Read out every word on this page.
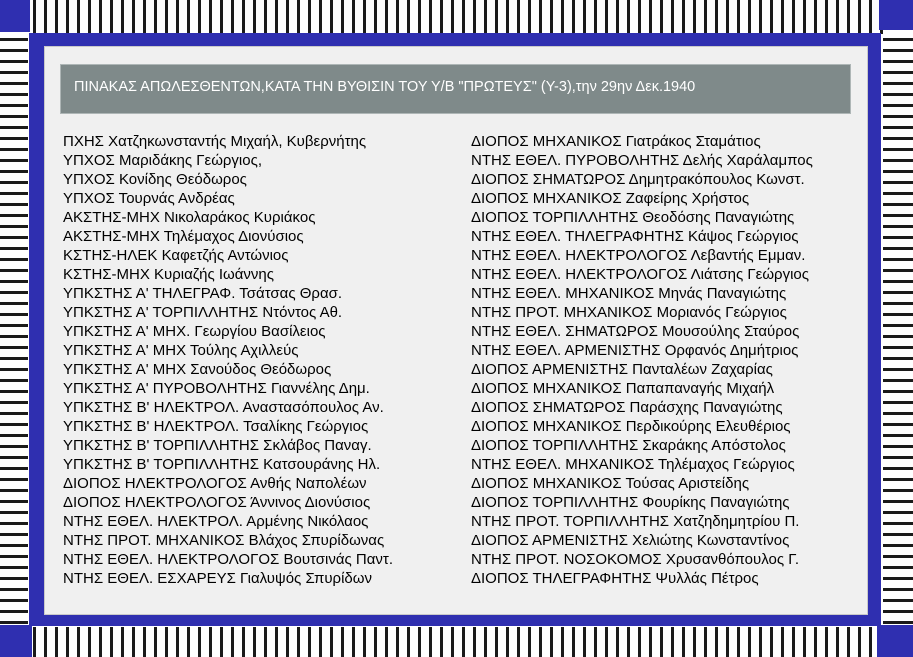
ΠΙΝΑΚΑΣ ΑΠΩΛΕΣΘΕΝΤΩΝ,ΚΑΤΑ ΤΗΝ ΒΥΘΙΣΙΝ ΤΟΥ Υ/Β "ΠΡΩΤΕΥΣ" (Υ-3),την 29ην Δεκ.1940
ΠΧΗΣ Χατζηκωνσταντής Μιχαήλ, Κυβερνήτης
ΥΠΧΟΣ Μαριδάκης Γεώργιος,
ΥΠΧΟΣ Κονίδης Θεόδωρος
ΥΠΧΟΣ Τουρνάς Ανδρέας
ΑΚΣΤΗΣ-ΜΗΧ Νικολαράκος Κυριάκος
ΑΚΣΤΗΣ-ΜΗΧ Τηλέμαχος Διονύσιος
ΚΣΤΗΣ-ΗΛΕΚ Καφετζής Αντώνιος
ΚΣΤΗΣ-ΜΗΧ Κυριαζής Ιωάννης
ΥΠΚΣΤΗΣ Α' ΤΗΛΕΓΡΑΦ. Τσάτσας Θρασ.
ΥΠΚΣΤΗΣ Α' ΤΟΡΠΙΛΛΗΤΗΣ Ντόντος Αθ.
ΥΠΚΣΤΗΣ Α' ΜΗΧ. Γεωργίου Βασίλειος
ΥΠΚΣΤΗΣ Α' ΜΗΧ Τούλης Αχιλλεύς
ΥΠΚΣΤΗΣ Α' ΜΗΧ Σανούδος Θεόδωρος
ΥΠΚΣΤΗΣ Α' ΠΥΡΟΒΟΛΗΤΗΣ Γιαννέλης Δημ.
ΥΠΚΣΤΗΣ Β' ΗΛΕΚΤΡΟΛ. Αναστασόπουλος Αν.
ΥΠΚΣΤΗΣ Β' ΗΛΕΚΤΡΟΛ. Τσαλίκης Γεώργιος
ΥΠΚΣΤΗΣ Β' ΤΟΡΠΙΛΛΗΤΗΣ Σκλάβος Παναγ.
ΥΠΚΣΤΗΣ Β' ΤΟΡΠΙΛΛΗΤΗΣ Κατσουράνης Ηλ.
ΔΙΟΠΟΣ ΗΛΕΚΤΡΟΛΟΓΟΣ Ανθής Ναπολέων
ΔΙΟΠΟΣ ΗΛΕΚΤΡΟΛΟΓΟΣ Άννινος Διονύσιος
ΝΤΗΣ ΕΘΕΛ. ΗΛΕΚΤΡΟΛ. Αρμένης Νικόλαος
ΝΤΗΣ ΠΡΟΤ. ΜΗΧΑΝΙΚΟΣ Βλάχος Σπυρίδωνας
ΝΤΗΣ ΕΘΕΛ. ΗΛΕΚΤΡΟΛΟΓΟΣ Βουτσινάς Παντ.
ΝΤΗΣ ΕΘΕΛ. ΕΣΧΑΡΕΥΣ Γιαλυψός Σπυρίδων
ΔΙΟΠΟΣ ΜΗΧΑΝΙΚΟΣ Γιατράκος Σταμάτιος
ΝΤΗΣ ΕΘΕΛ. ΠΥΡΟΒΟΛΗΤΗΣ Δελής Χαράλαμπος
ΔΙΟΠΟΣ ΣΗΜΑΤΩΡΟΣ Δημητρακόπουλος Κωνστ.
ΔΙΟΠΟΣ ΜΗΧΑΝΙΚΟΣ Ζαφείρης Χρήστος
ΔΙΟΠΟΣ ΤΟΡΠΙΛΛΗΤΗΣ Θεοδόσης Παναγιώτης
ΝΤΗΣ ΕΘΕΛ. ΤΗΛΕΓΡΑΦΗΤΗΣ Κάψος Γεώργιος
ΝΤΗΣ ΕΘΕΛ. ΗΛΕΚΤΡΟΛΟΓΟΣ Λεβαντής Εμμαν.
ΝΤΗΣ ΕΘΕΛ. ΗΛΕΚΤΡΟΛΟΓΟΣ Λιάτσης Γεώργιος
ΝΤΗΣ ΕΘΕΛ. ΜΗΧΑΝΙΚΟΣ Μηνάς Παναγιώτης
ΝΤΗΣ ΠΡΟΤ. ΜΗΧΑΝΙΚΟΣ Μοριανός Γεώργιος
ΝΤΗΣ ΕΘΕΛ. ΣΗΜΑΤΩΡΟΣ Μουσούλης Σταύρος
ΝΤΗΣ ΕΘΕΛ. ΑΡΜΕΝΙΣΤΗΣ Ορφανός Δημήτριος
ΔΙΟΠΟΣ ΑΡΜΕΝΙΣΤΗΣ Πανταλέων Ζαχαρίας
ΔΙΟΠΟΣ ΜΗΧΑΝΙΚΟΣ Παπαπαναγής Μιχαήλ
ΔΙΟΠΟΣ ΣΗΜΑΤΩΡΟΣ Παράσχης Παναγιώτης
ΔΙΟΠΟΣ ΜΗΧΑΝΙΚΟΣ Περδικούρης Ελευθέριος
ΔΙΟΠΟΣ ΤΟΡΠΙΛΛΗΤΗΣ Σκαράκης Απόστολος
ΝΤΗΣ ΕΘΕΛ. ΜΗΧΑΝΙΚΟΣ Τηλέμαχος Γεώργιος
ΔΙΟΠΟΣ ΜΗΧΑΝΙΚΟΣ Τούσας Αριστείδης
ΔΙΟΠΟΣ ΤΟΡΠΙΛΛΗΤΗΣ Φουρίκης Παναγιώτης
ΝΤΗΣ ΠΡΟΤ. ΤΟΡΠΙΛΛΗΤΗΣ Χατζηδημητρίου Π.
ΔΙΟΠΟΣ ΑΡΜΕΝΙΣΤΗΣ Χελιώτης Κωνσταντίνος
ΝΤΗΣ ΠΡΟΤ. ΝΟΣΟΚΟΜΟΣ Χρυσανθόπουλος Γ.
ΔΙΟΠΟΣ ΤΗΛΕΓΡΑΦΗΤΗΣ Ψυλλάς Πέτρος
